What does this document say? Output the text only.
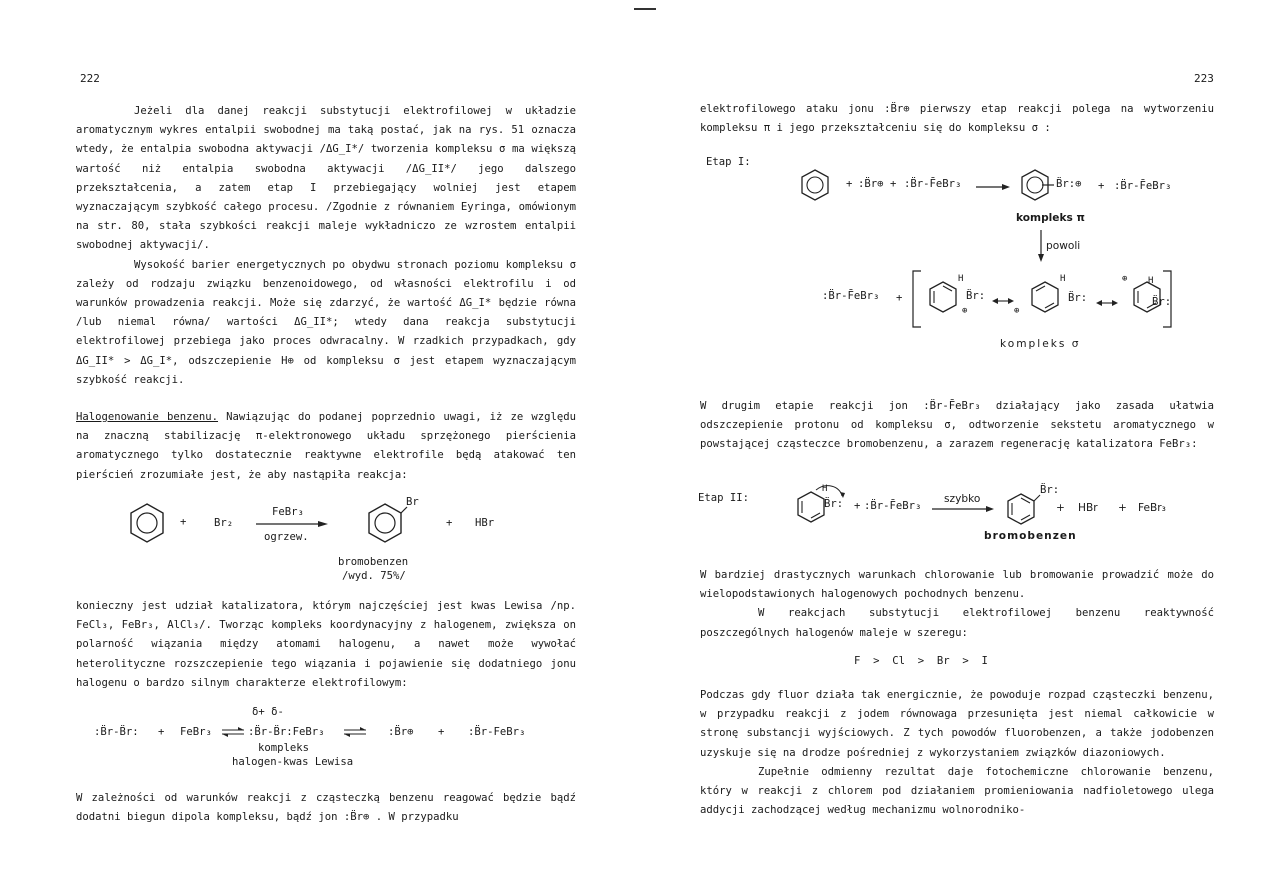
222

Jeżeli dla danej reakcji substytucji elektrofilowej w układzie aromatycznym wykres entalpii swobodnej ma taką postać, jak na rys. 51 oznacza wtedy, że entalpia swobodna aktywacji /ΔG_I*/ tworzenia kompleksu σ ma większą wartość niż entalpia swobodna aktywacji /ΔG_II*/ jego dalszego przekształcenia, a zatem etap I przebiegający wolniej jest etapem wyznaczającym szybkość całego procesu. /Zgodnie z równaniem Eyringa, omówionym na str. 80, stała szybkości reakcji maleje wykładniczo ze wzrostem entalpii swobodnej aktywacji/.

Wysokość barier energetycznych po obydwu stronach poziomu kompleksu σ zależy od rodzaju związku benzenoidowego, od własności elektrofilu i od warunków prowadzenia reakcji. Może się zdarzyć, że wartość ΔG_I* będzie równa /lub niemal równa/ wartości ΔG_II*; wtedy dana reakcja substytucji elektrofilowej przebiega jako proces odwracalny. W rzadkich przypadkach, gdy ΔG_II* > ΔG_I*, odszczepienie H⊕ od kompleksu σ jest etapem wyznaczającym szybkość reakcji.

Halogenowanie benzenu. Nawiązując do podanej poprzednio uwagi, iż ze względu na znaczną stabilizację π-elektronowego układu sprzężonego pierścienia aromatycznego tylko dostatecznie reaktywne elektrofile będą atakować ten pierścień zrozumiałe jest, że aby nastąpiła reakcja:

+	Br₂
FeBr₃
ogrzew.
Br
+ HBr
bromobenzen
/wyd. 75%/
konieczny jest udział katalizatora, którym najczęściej jest kwas Lewisa /np. FeCl₃, FeBr₃, AlCl₃/. Tworząc kompleks koordynacyjny z halogenem, zwiększa on polarność wiązania między atomami halogenu, a nawet może wywołać heterolityczne rozszczepienie tego wiązania i pojawienie się dodatniego jonu halogenu o bardzo silnym charakterze elektrofilowym:
δ+ δ-
:B̈r-B̈r: + FeBr₃ ⇌ :B̈r-B̈r:FeBr₃ ⇌ :B̈r⊕ + :B̈r-FeBr₃
kompleks
halogen-kwas Lewisa
W zależności od warunków reakcji z cząsteczką benzenu reagować będzie bądź dodatni biegun dipola kompleksu, bądź jon :B̈r⊕ . W przypadku
223
elektrofilowego ataku jonu :B̈r⊕ pierwszy etap reakcji polega na wytworzeniu kompleksu π i jego przekształceniu się do kompleksu σ :
Etap I:
+ :B̈r⊕ + :B̈r-F̄eBr₃	B̈r:⊕ + :B̈r-F̄eBr₃
kompleks π
powoli
:B̈r-F̄eBr₃ +
H
B̈r:
⊕	⊕
H
B̈r:
⊕ H
B̈r:
kompleks σ
W drugim etapie reakcji jon :B̈r-F̄eBr₃ działający jako zasada ułatwia odszczepienie protonu od kompleksu σ, odtworzenie sekstetu aromatycznego w powstającej cząsteczce bromobenzenu, a zarazem regenerację katalizatora FeBr₃:
Etap II:
H
B̈r: + :B̈r-F̄eBr₃
szybko
B̈r:
+ HBr + FeBr₃
bromobenzen

W bardziej drastycznych warunkach chlorowanie lub bromowanie prowadzić może do wielopodstawionych halogenowych pochodnych benzenu.

W reakcjach substytucji elektrofilowej benzenu reaktywność poszczególnych halogenów maleje w szeregu:

F  >  Cl  >  Br  >  I

Podczas gdy fluor działa tak energicznie, że powoduje rozpad cząsteczki benzenu, w przypadku reakcji z jodem równowaga przesunięta jest niemal całkowicie w stronę substancji wyjściowych. Z tych powodów fluorobenzen, a także jodobenzen uzyskuje się na drodze pośredniej z wykorzystaniem związków diazoniowych.

Zupełnie odmienny rezultat daje fotochemiczne chlorowanie benzenu, który w reakcji z chlorem pod działaniem promieniowania nadfioletowego ulega addycji zachodzącej według mechanizmu wolnorodniko-
